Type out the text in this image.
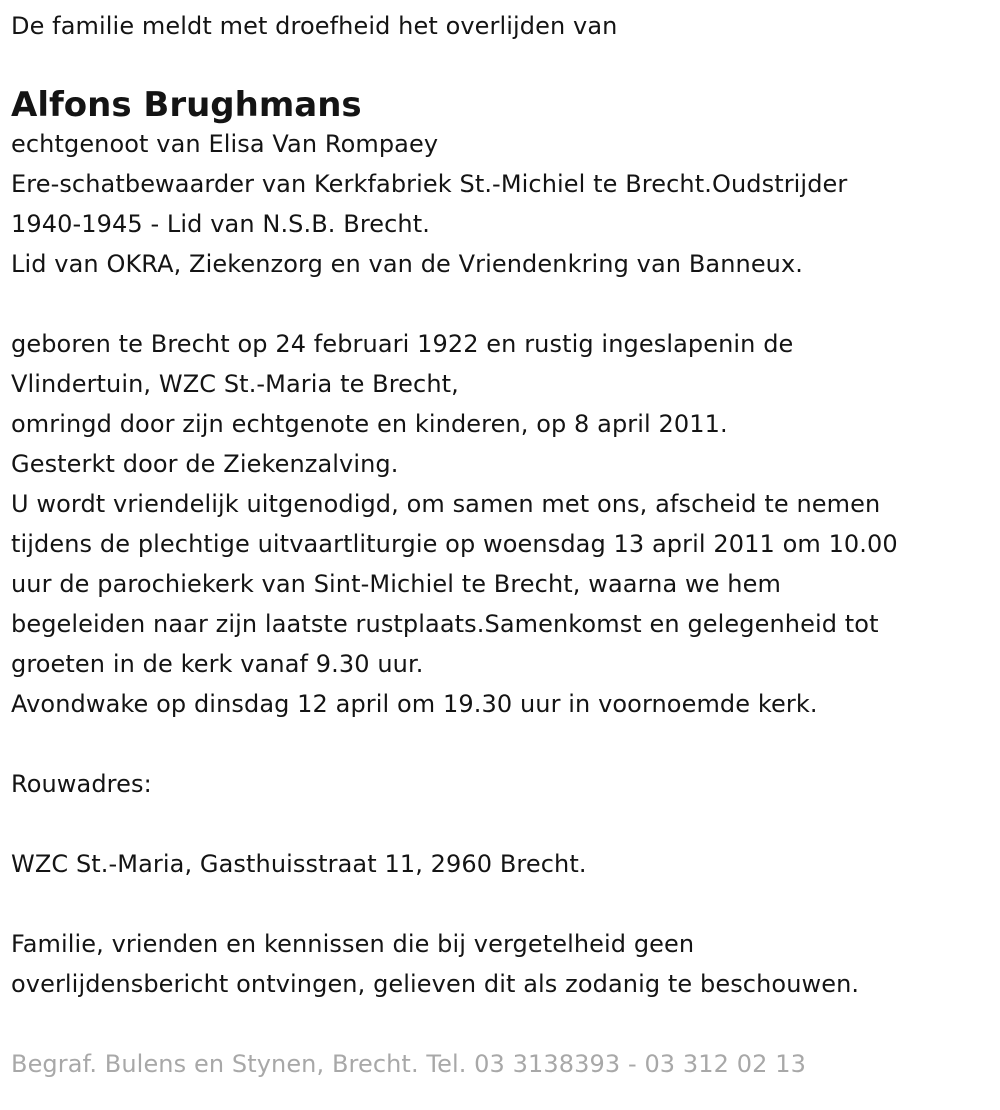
De familie meldt met droefheid het overlijden van
Alfons Brughmans
echtgenoot van Elisa Van Rompaey
Ere-schatbewaarder van Kerkfabriek St.-Michiel te Brecht.Oudstrijder
1940-1945 - Lid van N.S.B. Brecht.
Lid van OKRA, Ziekenzorg en van de Vriendenkring van Banneux.
geboren te Brecht op 24 februari 1922 en rustig ingeslapenin de
Vlindertuin, WZC St.-Maria te Brecht,
omringd door zijn echtgenote en kinderen, op 8 april 2011.
Gesterkt door de Ziekenzalving.
U wordt vriendelijk uitgenodigd, om samen met ons, afscheid te nemen
tijdens de plechtige uitvaartliturgie op woensdag 13 april 2011 om 10.00
uur de parochiekerk van Sint-Michiel te Brecht, waarna we hem
begeleiden naar zijn laatste rustplaats.Samenkomst en gelegenheid tot
groeten in de kerk vanaf 9.30 uur.
Avondwake op dinsdag 12 april om 19.30 uur in voornoemde kerk.
Rouwadres:
WZC St.-Maria, Gasthuisstraat 11, 2960 Brecht.
Familie, vrienden en kennissen die bij vergetelheid geen
overlijdensbericht ontvingen, gelieven dit als zodanig te beschouwen.
Begraf. Bulens en Stynen, Brecht. Tel. 03 3138393 - 03 312 02 13
